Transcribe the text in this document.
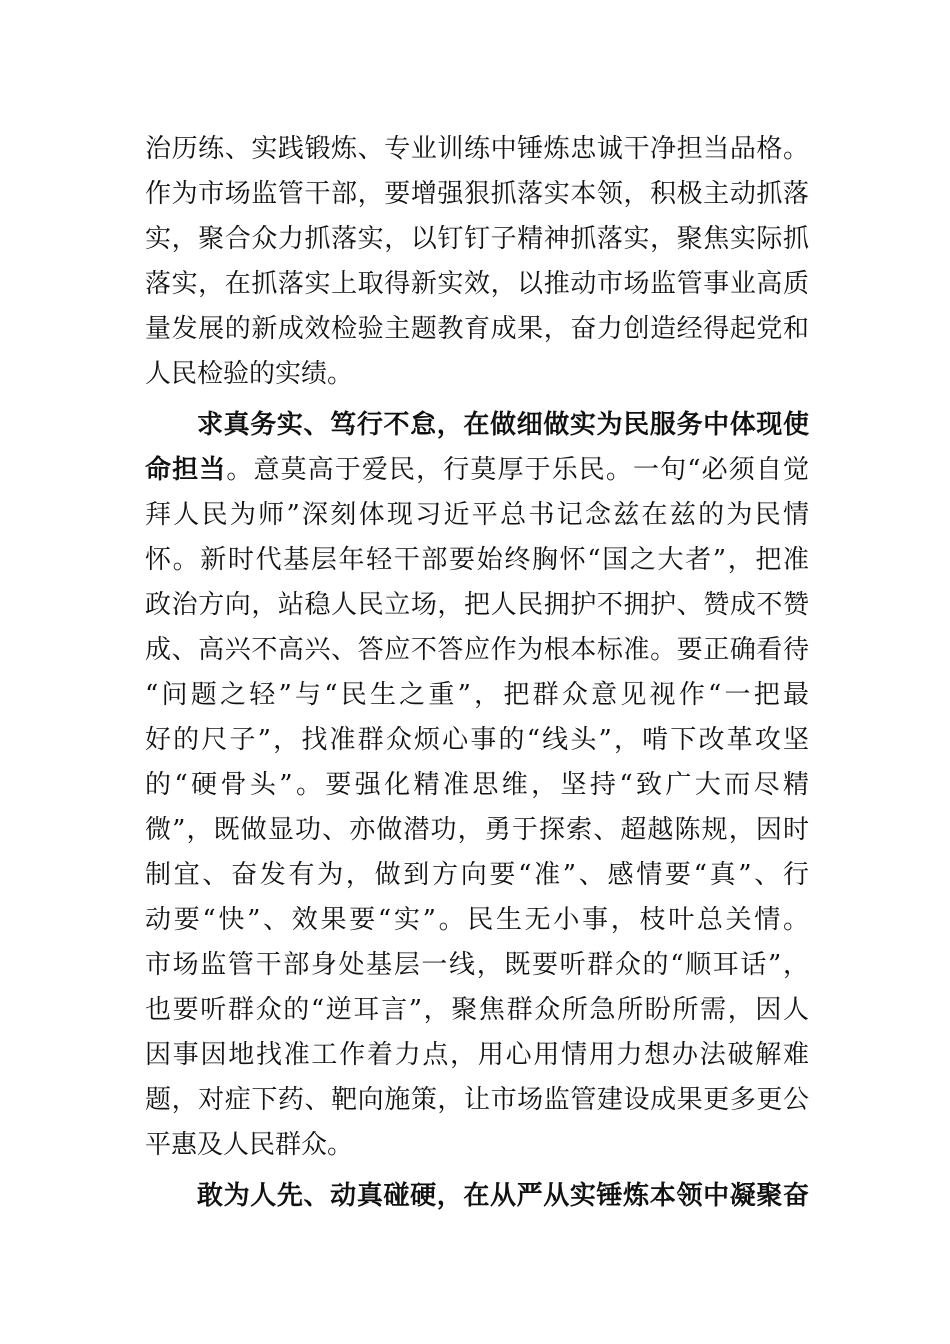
治历练、实践锻炼、专业训练中锤炼忠诚干净担当品格。
作为市场监管干部，要增强狠抓落实本领，积极主动抓落
实，聚合众力抓落实，以钉钉子精神抓落实，聚焦实际抓
落实，在抓落实上取得新实效，以推动市场监管事业高质
量发展的新成效检验主题教育成果，奋力创造经得起党和
人民检验的实绩。
求真务实、笃行不怠，在做细做实为民服务中体现使
命担当。意莫高于爱民，行莫厚于乐民。一句“必须自觉
拜人民为师”深刻体现习近平总书记念兹在兹的为民情
怀。新时代基层年轻干部要始终胸怀“国之大者”，把准
政治方向，站稳人民立场，把人民拥护不拥护、赞成不赞
成、高兴不高兴、答应不答应作为根本标准。要正确看待
“问题之轻”与“民生之重”，把群众意见视作“一把最
好的尺子”，找准群众烦心事的“线头”，啃下改革攻坚
的“硬骨头”。要强化精准思维，坚持“致广大而尽精
微”，既做显功、亦做潜功，勇于探索、超越陈规，因时
制宜、奋发有为，做到方向要“准”、感情要“真”、行
动要“快”、效果要“实”。民生无小事，枝叶总关情。
市场监管干部身处基层一线，既要听群众的“顺耳话”，
也要听群众的“逆耳言”，聚焦群众所急所盼所需，因人
因事因地找准工作着力点，用心用情用力想办法破解难
题，对症下药、靶向施策，让市场监管建设成果更多更公
平惠及人民群众。
敢为人先、动真碰硬，在从严从实锤炼本领中凝聚奋
